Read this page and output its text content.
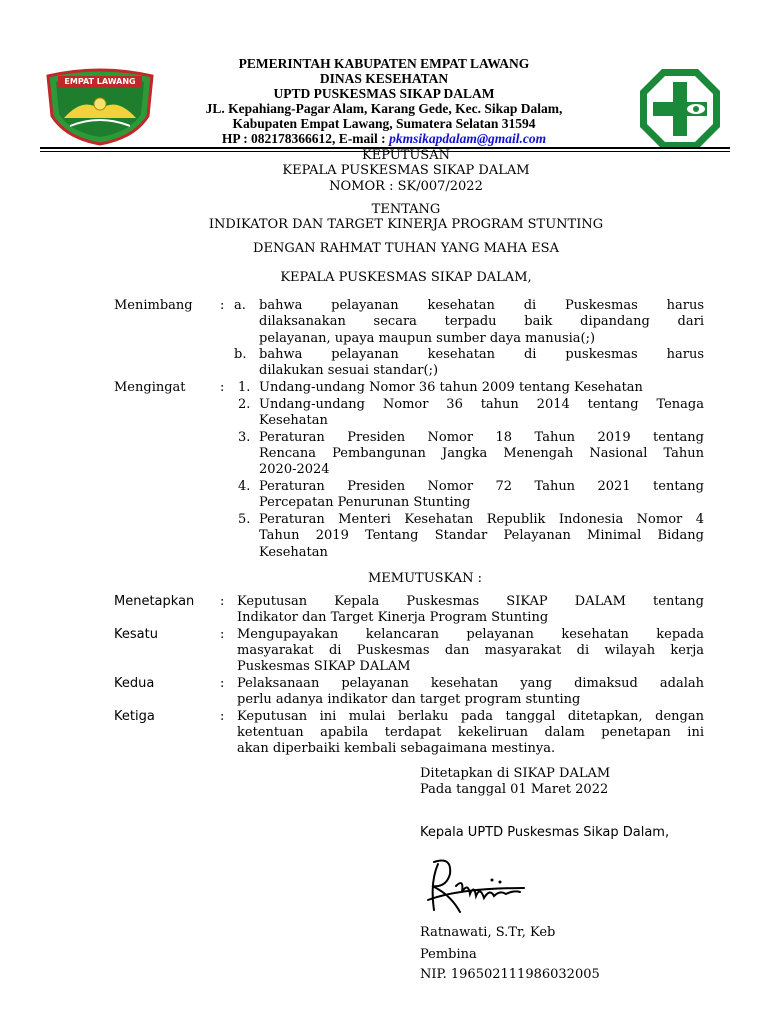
EMPAT LAWANG
PEMERINTAH KABUPATEN EMPAT LAWANG
DINAS KESEHATAN
UPTD PUSKESMAS SIKAP DALAM
JL. Kepahiang-Pagar Alam, Karang Gede, Kec. Sikap Dalam,
Kabupaten Empat Lawang, Sumatera Selatan 31594
HP : 082178366612, E-mail : pkmsikapdalam@gmail.com
KEPUTUSAN
KEPALA PUSKESMAS SIKAP DALAM
NOMOR : SK/007/2022
TENTANG
INDIKATOR DAN TARGET KINERJA PROGRAM STUNTING
DENGAN RAHMAT TUHAN YANG MAHA ESA
KEPALA PUSKESMAS SIKAP DALAM,
Menimbang : a. bahwa pelayanan kesehatan di Puskesmas harus
dilaksanakan secara terpadu baik dipandang dari
pelayanan, upaya maupun sumber daya manusia(;)
b. bahwa pelayanan kesehatan di puskesmas harus
dilakukan sesuai standar(;)
Mengingat	: 1. Undang-undang Nomor 36 tahun 2009 tentang Kesehatan
2. Undang-undang Nomor 36 tahun 2014 tentang Tenaga
Kesehatan
3. Peraturan Presiden Nomor 18 Tahun 2019 tentang
Rencana Pembangunan Jangka Menengah Nasional Tahun
2020-2024
4. Peraturan Presiden Nomor 72 Tahun 2021 tentang
Percepatan Penurunan Stunting
5. Peraturan Menteri Kesehatan Republik Indonesia Nomor 4
Tahun 2019 Tentang Standar Pelayanan Minimal Bidang
Kesehatan
MEMUTUSKAN :
Menetapkan : Keputusan Kepala Puskesmas SIKAP DALAM tentang
Indikator dan Target Kinerja Program Stunting
Kesatu	: Mengupayakan kelancaran pelayanan kesehatan kepada
masyarakat di Puskesmas dan masyarakat di wilayah kerja
Puskesmas SIKAP DALAM
Kedua	: Pelaksanaan pelayanan kesehatan yang dimaksud adalah
perlu adanya indikator dan target program stunting
Ketiga	: Keputusan ini mulai berlaku pada tanggal ditetapkan, dengan
ketentuan apabila terdapat kekeliruan dalam penetapan ini
akan diperbaiki kembali sebagaimana mestinya.
Ditetapkan di SIKAP DALAM
Pada tanggal 01 Maret 2022
Kepala UPTD Puskesmas Sikap Dalam,
Ratnawati, S.Tr, Keb
Pembina
NIP. 196502111986032005
